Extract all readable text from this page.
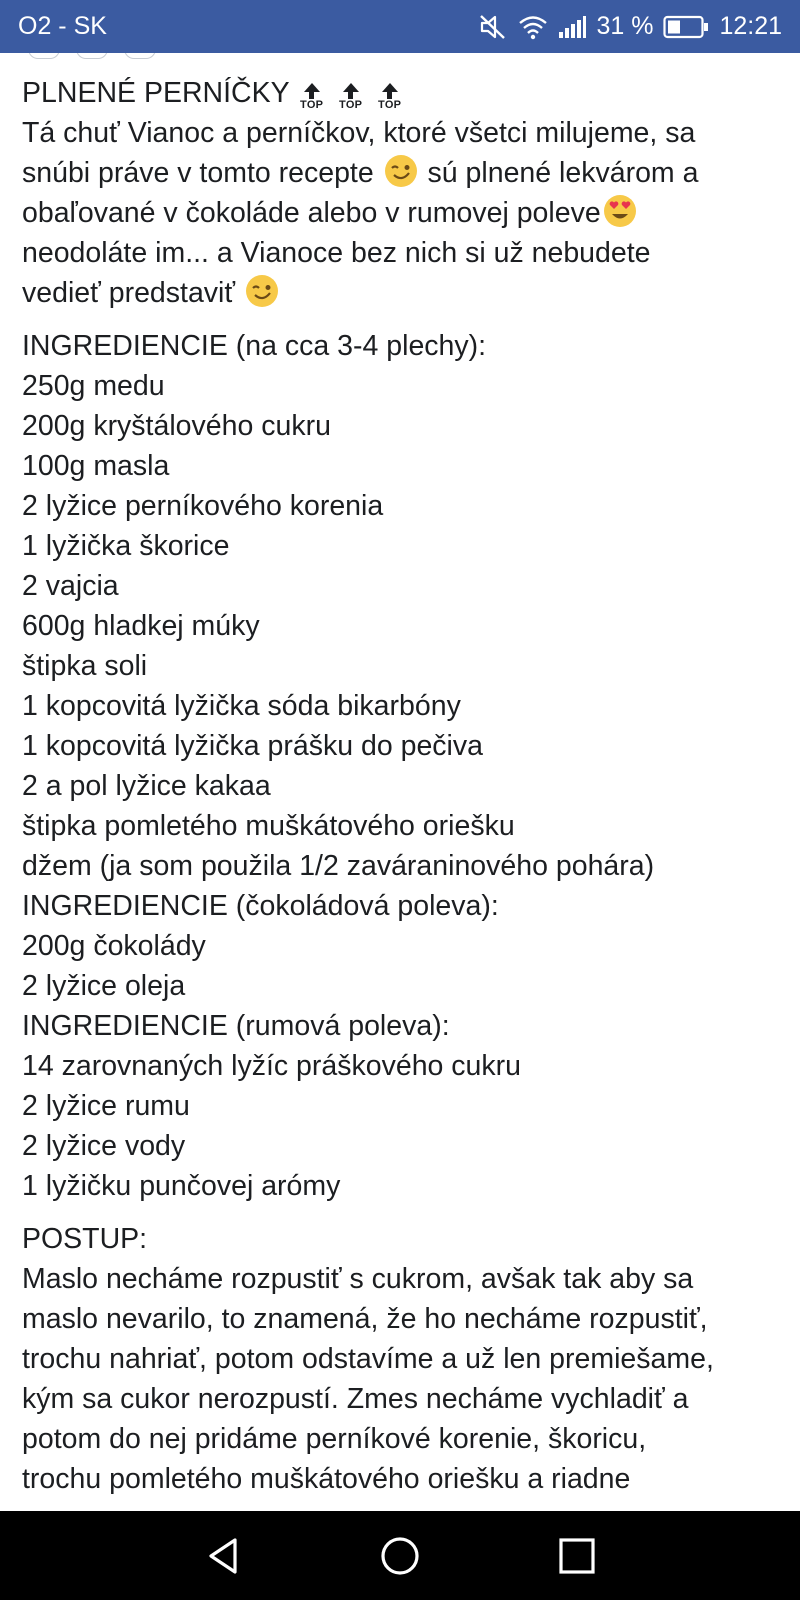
O2 - SK	31 %	12:21
PLNENÉ PERNÍČKY TOP TOP TOP

Tá chuť Vianoc a perníčkov, ktoré všetci milujeme, sa

snúbi práve v tomto recepte sú plnené lekvárom a

obaľované v čokoláde alebo v rumovej poleve

neodoláte im... a Vianoce bez nich si už nebudete

vedieť predstaviť

INGREDIENCIE (na cca 3-4 plechy):

250g medu

200g kryštálového cukru

100g masla

2 lyžice perníkového korenia

1 lyžička škorice

2 vajcia

600g hladkej múky

štipka soli

1 kopcovitá lyžička sóda bikarbóny

1 kopcovitá lyžička prášku do pečiva

2 a pol lyžice kakaa

štipka pomletého muškátového oriešku

džem (ja som použila 1/2 zaváraninového pohára)

INGREDIENCIE (čokoládová poleva):

200g čokolády

2 lyžice oleja

INGREDIENCIE (rumová poleva):

14 zarovnaných lyžíc práškového cukru

2 lyžice rumu

2 lyžice vody

1 lyžičku punčovej arómy

POSTUP:

Maslo necháme rozpustiť s cukrom, avšak tak aby sa

maslo nevarilo, to znamená, že ho necháme rozpustiť,

trochu nahriať, potom odstavíme a už len premiešame,

kým sa cukor nerozpustí. Zmes necháme vychladiť a

potom do nej pridáme perníkové korenie, škoricu,

trochu pomletého muškátového oriešku a riadne
